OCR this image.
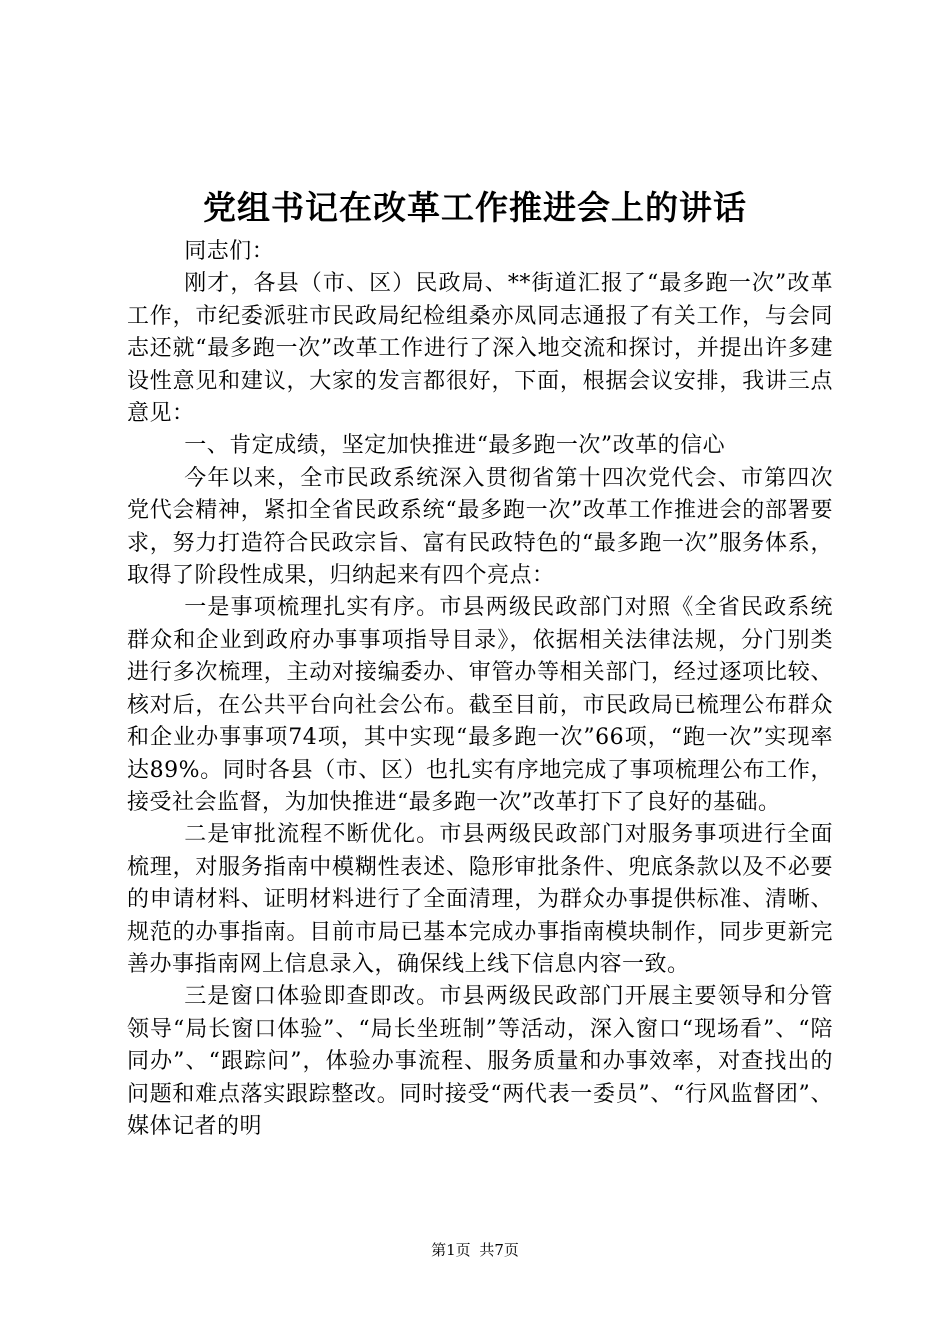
党组书记在改革工作推进会上的讲话

同志们：

刚才，各县（市、区）民政局、**街道汇报了“最多跑一次”改革工作，市纪委派驻市民政局纪检组桑亦凤同志通报了有关工作，与会同志还就“最多跑一次”改革工作进行了深入地交流和探讨，并提出许多建设性意见和建议，大家的发言都很好，下面，根据会议安排，我讲三点意见：

一、肯定成绩，坚定加快推进“最多跑一次”改革的信心

今年以来，全市民政系统深入贯彻省第十四次党代会、市第四次党代会精神，紧扣全省民政系统“最多跑一次”改革工作推进会的部署要求，努力打造符合民政宗旨、富有民政特色的“最多跑一次”服务体系，取得了阶段性成果，归纳起来有四个亮点：

一是事项梳理扎实有序。市县两级民政部门对照《全省民政系统群众和企业到政府办事事项指导目录》，依据相关法律法规，分门别类进行多次梳理，主动对接编委办、审管办等相关部门，经过逐项比较、核对后，在公共平台向社会公布。截至目前，市民政局已梳理公布群众和企业办事事项74项，其中实现“最多跑一次”66项，“跑一次”实现率达89%。同时各县（市、区）也扎实有序地完成了事项梳理公布工作，接受社会监督，为加快推进“最多跑一次”改革打下了良好的基础。

二是审批流程不断优化。市县两级民政部门对服务事项进行全面梳理，对服务指南中模糊性表述、隐形审批条件、兜底条款以及不必要的申请材料、证明材料进行了全面清理，为群众办事提供标准、清晰、规范的办事指南。目前市局已基本完成办事指南模块制作，同步更新完善办事指南网上信息录入，确保线上线下信息内容一致。

三是窗口体验即查即改。市县两级民政部门开展主要领导和分管领导“局长窗口体验”、“局长坐班制”等活动，深入窗口“现场看”、“陪同办”、“跟踪问”，体验办事流程、服务质量和办事效率，对查找出的问题和难点落实跟踪整改。同时接受“两代表一委员”、“行风监督团”、媒体记者的明

第1页 共7页
